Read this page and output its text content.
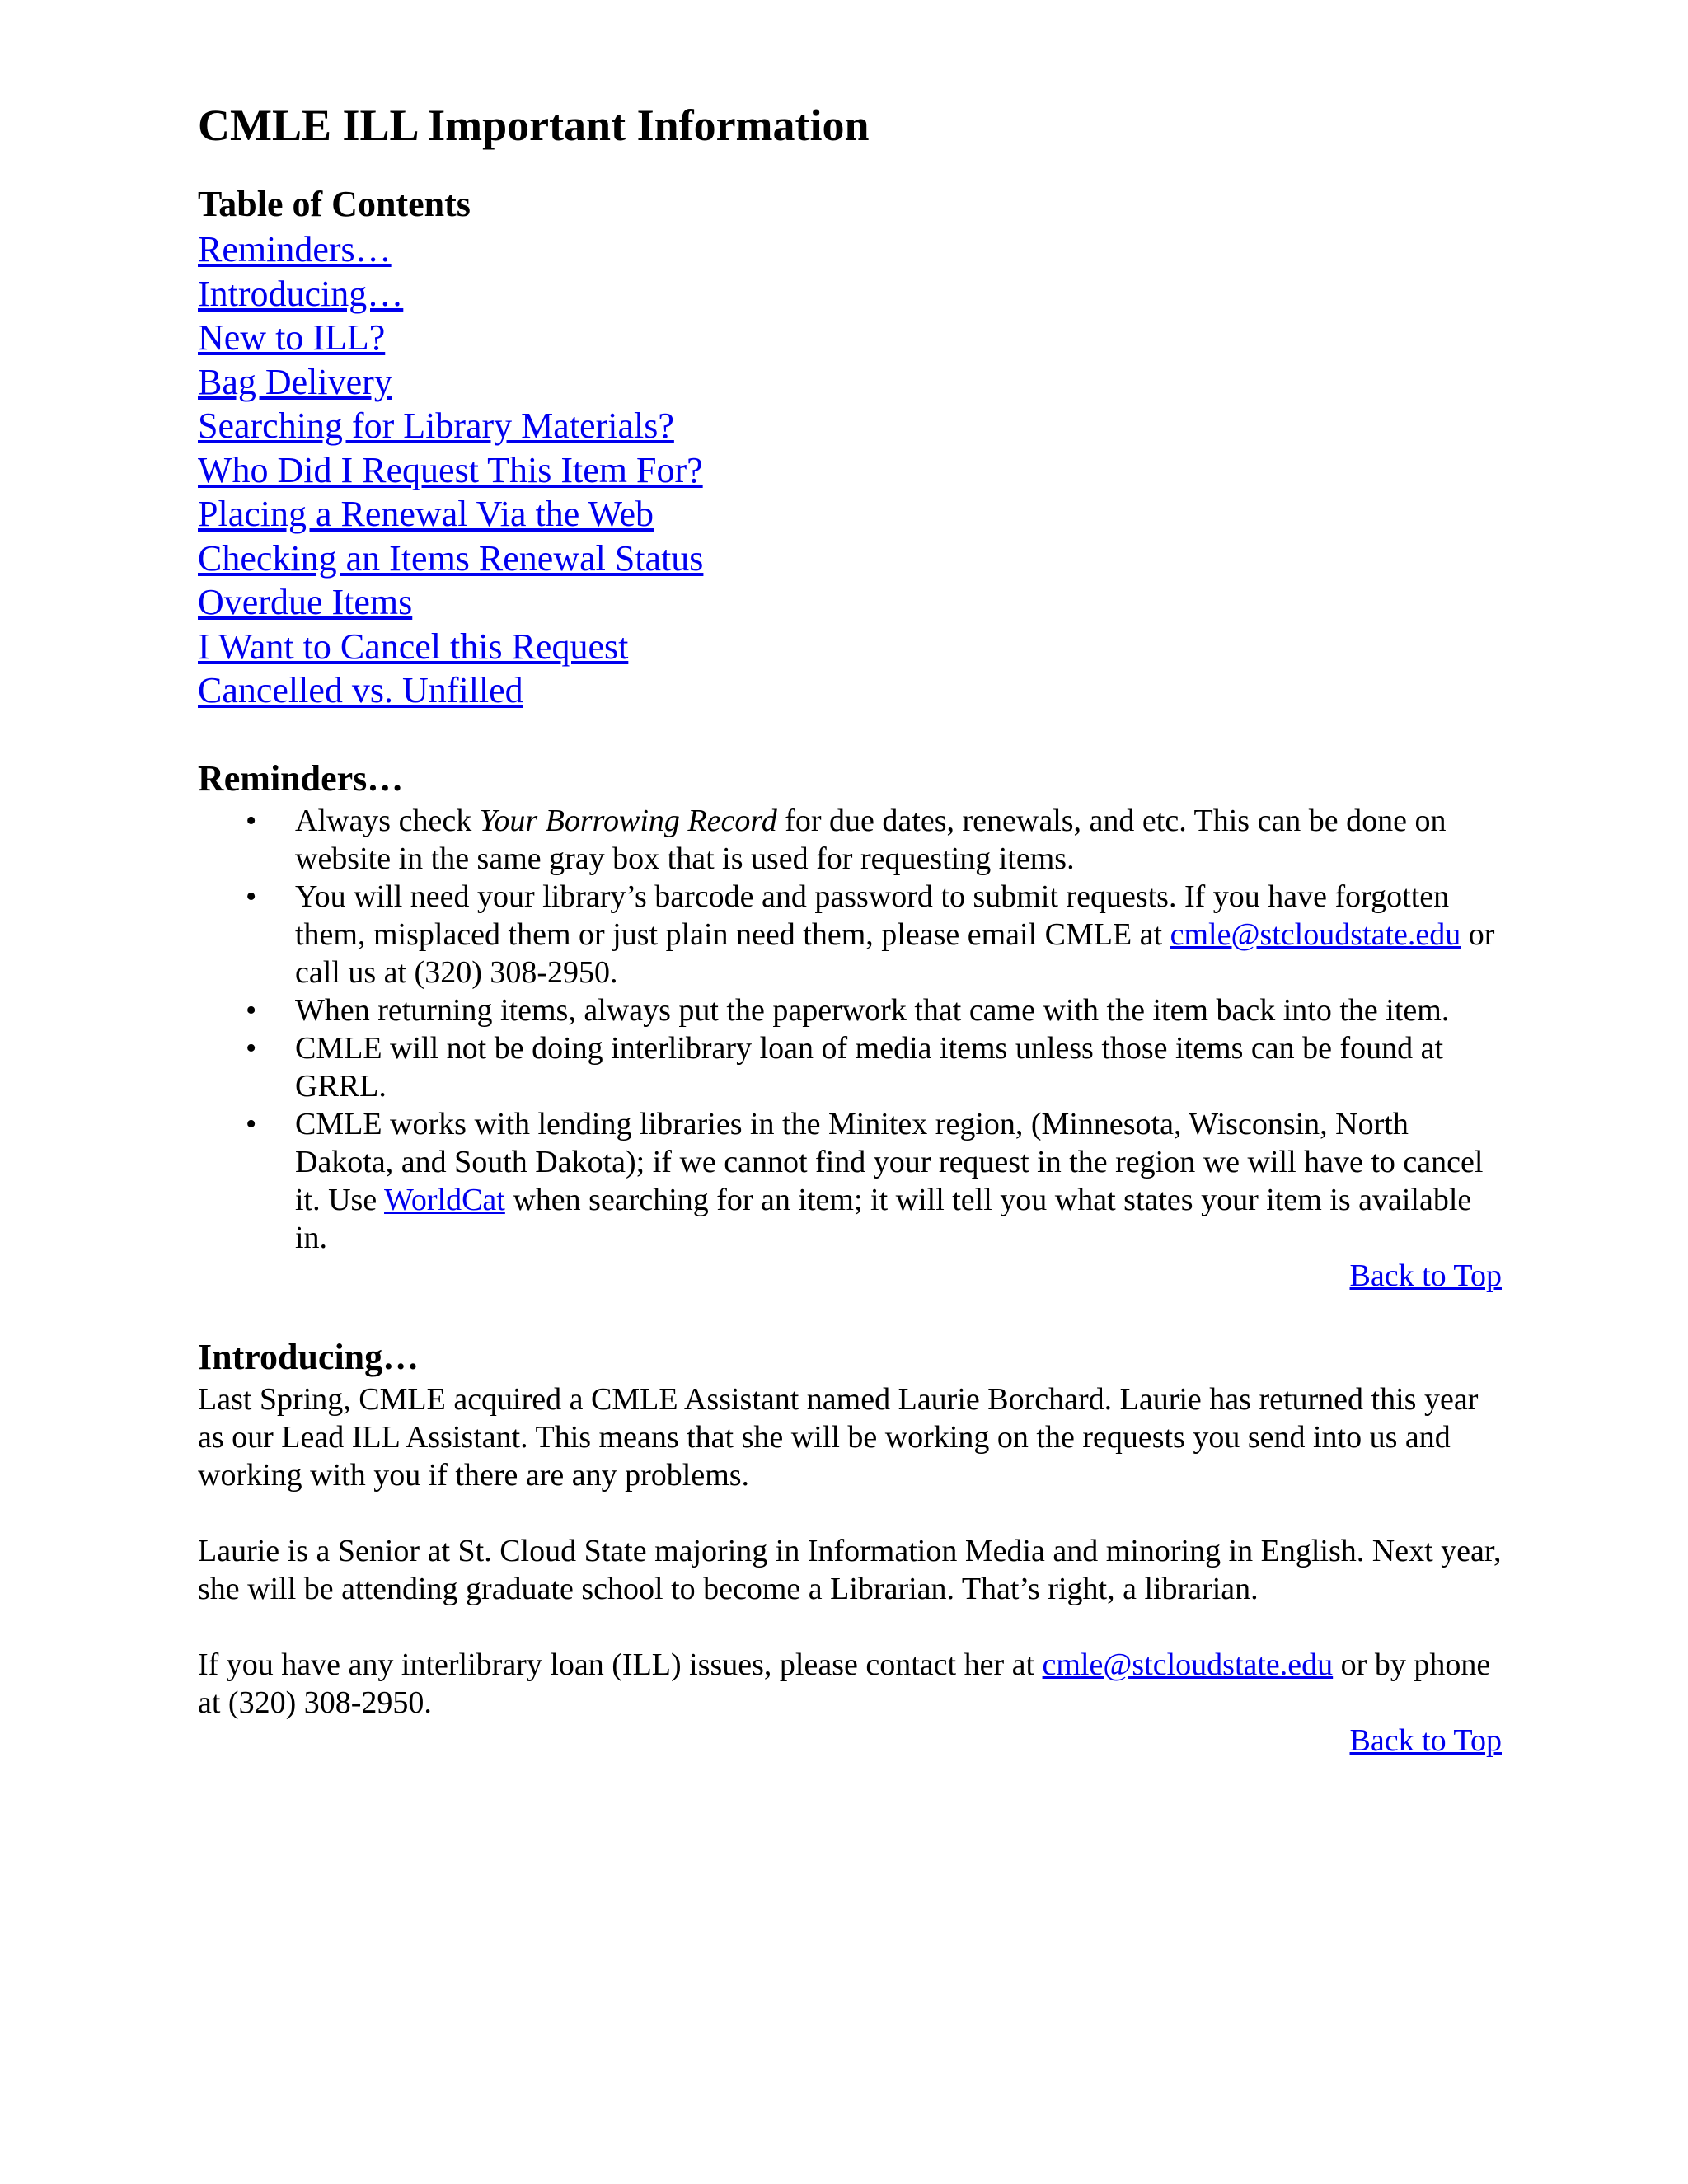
CMLE ILL Important Information
Table of Contents
Reminders…
Introducing…
New to ILL?
Bag Delivery
Searching for Library Materials?
Who Did I Request This Item For?
Placing a Renewal Via the Web
Checking an Items Renewal Status
Overdue Items
I Want to Cancel this Request
Cancelled vs. Unfilled
Reminders…
• Always check Your Borrowing Record for due dates, renewals, and etc. This can be done on website in the same gray box that is used for requesting items.
• You will need your library’s barcode and password to submit requests. If you have forgotten them, misplaced them or just plain need them, please email CMLE at cmle@stcloudstate.edu or call us at (320) 308-2950.
• When returning items, always put the paperwork that came with the item back into the item.
• CMLE will not be doing interlibrary loan of media items unless those items can be found at GRRL.
• CMLE works with lending libraries in the Minitex region, (Minnesota, Wisconsin, North Dakota, and South Dakota); if we cannot find your request in the region we will have to cancel it. Use WorldCat when searching for an item; it will tell you what states your item is available in.
Back to Top
Introducing…

Last Spring, CMLE acquired a CMLE Assistant named Laurie Borchard. Laurie has returned this year as our Lead ILL Assistant. This means that she will be working on the requests you send into us and working with you if there are any problems.

Laurie is a Senior at St. Cloud State majoring in Information Media and minoring in English. Next year, she will be attending graduate school to become a Librarian. That’s right, a librarian.

If you have any interlibrary loan (ILL) issues, please contact her at cmle@stcloudstate.edu or by phone at (320) 308-2950.

Back to Top
